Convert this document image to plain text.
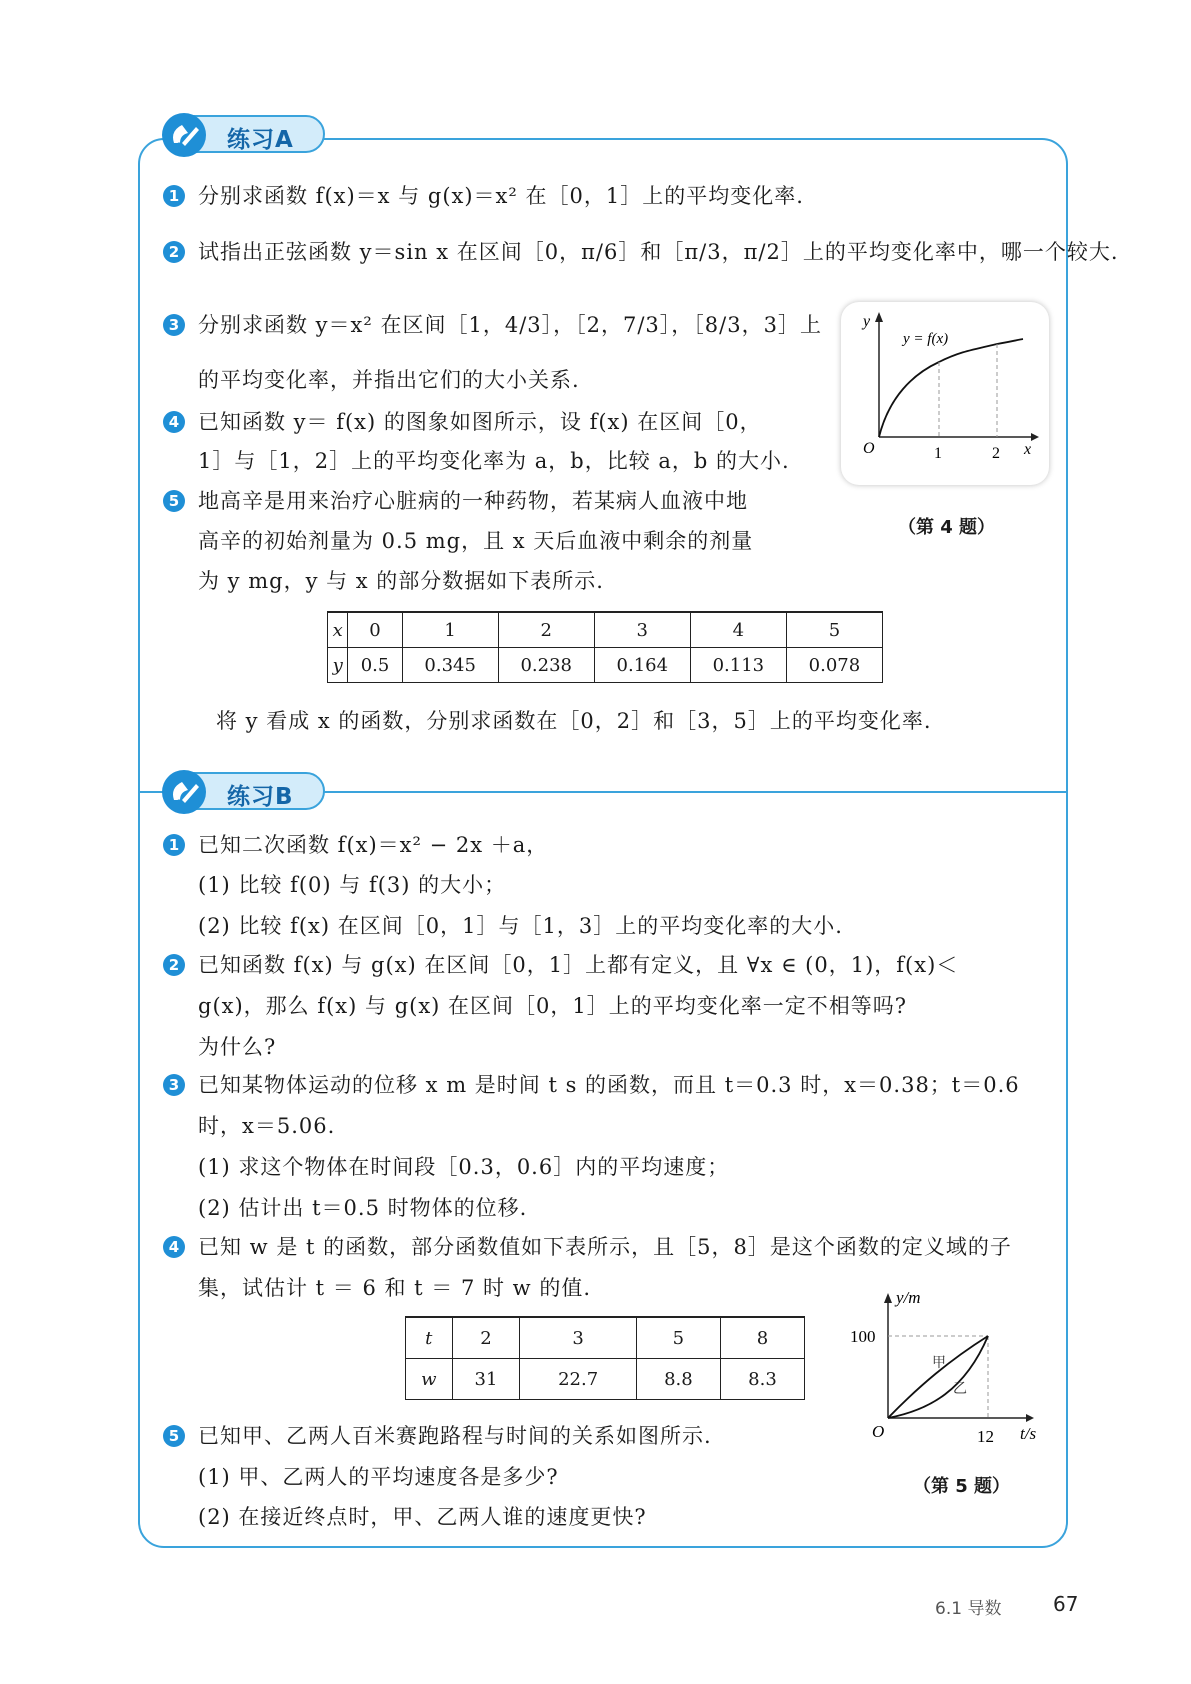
练习A
1 分别求函数 f(x)＝x 与 g(x)＝x² 在［0，1］上的平均变化率.
2 试指出正弦函数 y＝sin x 在区间［0，π/6］和［π/3，π/2］上的平均变化率中，哪一个较大.
3 分别求函数 y＝x² 在区间［1，4/3］，［2，7/3］，［8/3，3］上
的平均变化率，并指出它们的大小关系.
4 已知函数 y＝ f(x) 的图象如图所示，设 f(x) 在区间［0，
1］与［1，2］上的平均变化率为 a，b，比较 a，b 的大小.
5 地高辛是用来治疗心脏病的一种药物，若某病人血液中地
高辛的初始剂量为 0.5 mg，且 x 天后血液中剩余的剂量
为 y mg，y 与 x 的部分数据如下表所示.
x	0	1	2	3	4	5
y	0.5	0.345	0.238	0.164	0.113	0.078
将 y 看成 x 的函数，分别求函数在［0，2］和［3，5］上的平均变化率.
y
x
O	1	2
y = f(x)
（第 4 题）
练习B
1 已知二次函数 f(x)＝x² − 2x ＋a，
(1) 比较 f(0) 与 f(3) 的大小；
(2) 比较 f(x) 在区间［0，1］与［1，3］上的平均变化率的大小.
2 已知函数 f(x) 与 g(x) 在区间［0，1］上都有定义，且 ∀x ∈ (0，1)，f(x)＜
g(x)，那么 f(x) 与 g(x) 在区间［0，1］上的平均变化率一定不相等吗?
为什么?
3 已知某物体运动的位移 x m 是时间 t s 的函数，而且 t＝0.3 时，x＝0.38；t＝0.6
时，x＝5.06.
(1) 求这个物体在时间段［0.3，0.6］内的平均速度；
(2) 估计出 t＝0.5 时物体的位移.
4 已知 w 是 t 的函数，部分函数值如下表所示，且［5，8］是这个函数的定义域的子
集，试估计 t ＝ 6 和 t ＝ 7 时 w 的值.
t	2	3	5	8
w	31	22.7	8.8	8.3
5 已知甲、乙两人百米赛跑路程与时间的关系如图所示.
(1) 甲、乙两人的平均速度各是多少?
(2) 在接近终点时，甲、乙两人谁的速度更快?
y/m
t/s
O
100
12
甲
乙
（第 5 题）
6.1 导数	67
